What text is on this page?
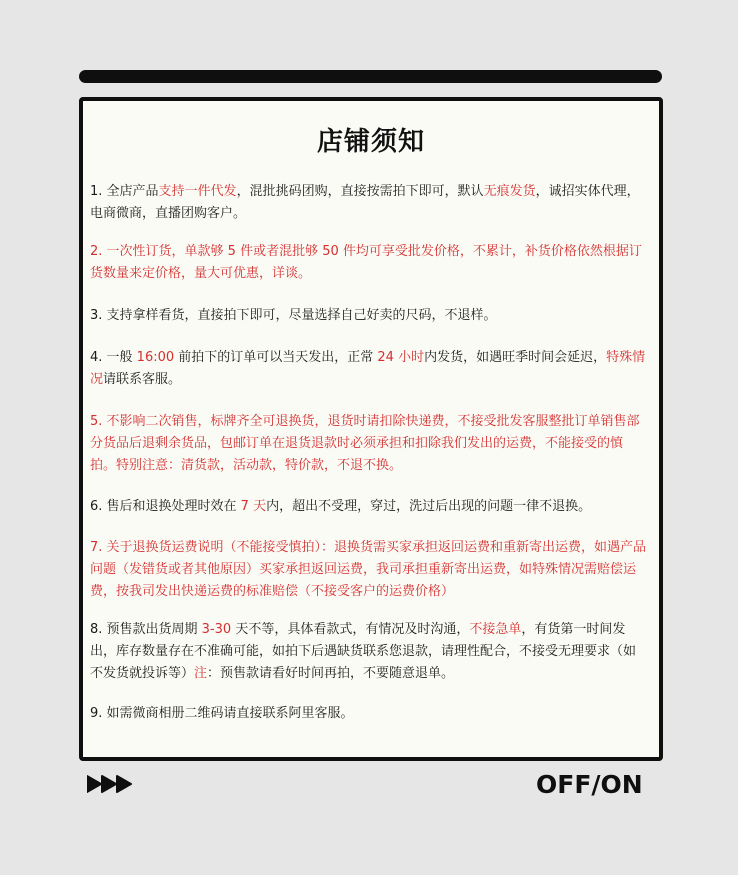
店铺须知
1. 全店产品支持一件代发，混批挑码团购，直接按需拍下即可，默认无痕发货，诚招实体代理，电商微商，直播团购客户。
2. 一次性订货，单款够 5 件或者混批够 50 件均可享受批发价格，不累计，补货价格依然根据订货数量来定价格，量大可优惠，详谈。
3. 支持拿样看货，直接拍下即可，尽量选择自己好卖的尺码，不退样。
4. 一般 16:00 前拍下的订单可以当天发出，正常 24 小时内发货，如遇旺季时间会延迟，特殊情况请联系客服。
5. 不影响二次销售，标牌齐全可退换货，退货时请扣除快递费，不接受批发客服整批订单销售部分货品后退剩余货品，包邮订单在退货退款时必须承担和扣除我们发出的运费，不能接受的慎拍。特别注意：清货款，活动款，特价款，不退不换。
6. 售后和退换处理时效在 7 天内，超出不受理，穿过，洗过后出现的问题一律不退换。
7. 关于退换货运费说明（不能接受慎拍）：退换货需买家承担返回运费和重新寄出运费，如遇产品问题（发错货或者其他原因）买家承担返回运费，我司承担重新寄出运费，如特殊情况需赔偿运费，按我司发出快递运费的标准赔偿（不接受客户的运费价格）
8. 预售款出货周期 3-30 天不等，具体看款式，有情况及时沟通，不接急单，有货第一时间发出，库存数量存在不准确可能，如拍下后遇缺货联系您退款，请理性配合，不接受无理要求（如不发货就投诉等）注：预售款请看好时间再拍，不要随意退单。
9. 如需微商相册二维码请直接联系阿里客服。
OFF/ON
